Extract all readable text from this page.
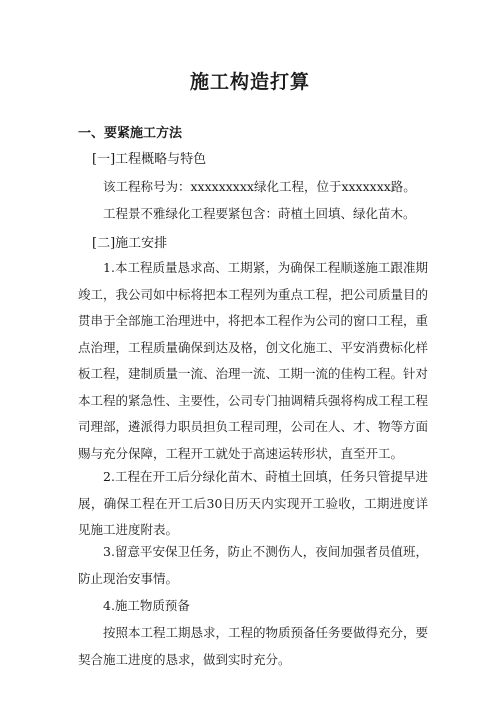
施工构造打算
一、要紧施工方法
[一]工程概略与特色

该工程称号为：xxxxxxxxx绿化工程，位于xxxxxxx路。

工程景不雅绿化工程要紧包含：莳植土回填、绿化苗木。

[二]施工安排

1.本工程质量恳求高、工期紧，为确保工程顺遂施工跟准期竣工，我公司如中标将把本工程列为重点工程，把公司质量目的贯串于全部施工治理进中，将把本工程作为公司的窗口工程，重点治理，工程质量确保到达及格，创文化施工、平安消费标化样板工程，建制质量一流、治理一流、工期一流的佳构工程。针对本工程的紧急性、主要性，公司专门抽调精兵强将构成工程工程司理部，遴派得力职员担负工程司理，公司在人、才、物等方面赐与充分保障，工程开工就处于高速运转形状，直至开工。

2.工程在开工后分绿化苗木、莳植土回填，任务只管提早进展，确保工程在开工后30日历天内实现开工验收，工期进度详见施工进度附表。

3.留意平安保卫任务，防止不测伤人，夜间加强者员值班，防止现治安事情。

4.施工物质预备

按照本工程工期恳求，工程的物质预备任务要做得充分，要契合施工进度的恳求，做到实时充分。
